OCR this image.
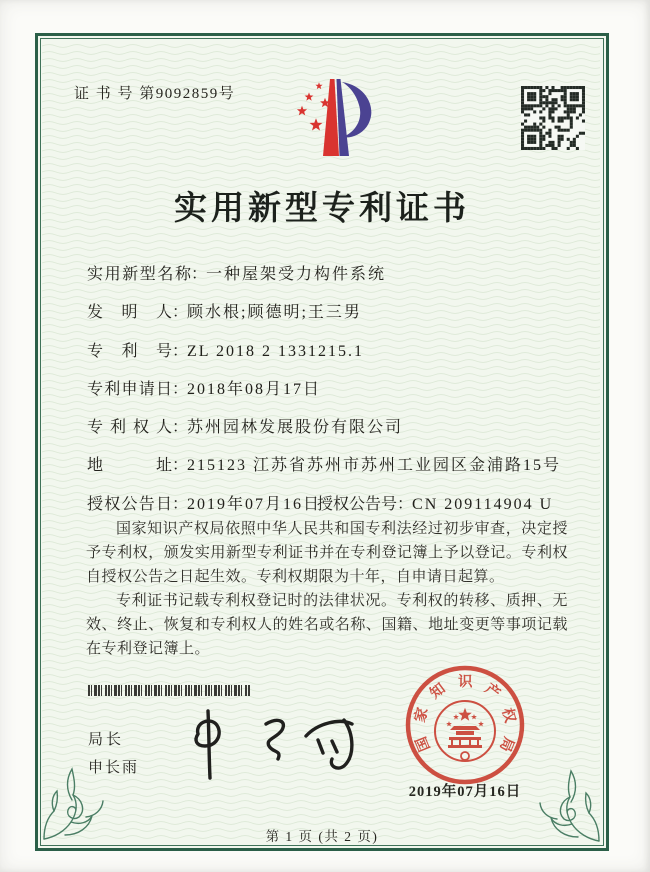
证 书 号 第9092859号
实用新型专利证书
实用新型名称：一种屋架受力构件系统
发明人：顾水根;顾德明;王三男
专利号：ZL 2018 2 1331215.1
专利申请日：2018年08月17日
专利权人：苏州园林发展股份有限公司
地址：215123 江苏省苏州市苏州工业园区金浦路15号
授权公告日：2019年07月16日
授权公告号：CN 209114904 U

国家知识产权局依照中华人民共和国专利法经过初步审查，决定授予专利权，颁发实用新型专利证书并在专利登记簿上予以登记。专利权自授权公告之日起生效。专利权期限为十年，自申请日起算。

专利证书记载专利权登记时的法律状况。专利权的转移、质押、无效、终止、恢复和专利权人的姓名或名称、国籍、地址变更等事项记载在专利登记簿上。

局长
申长雨
国
家
知 识 产
权
局
2019年07月16日
第 1 页 (共 2 页)
